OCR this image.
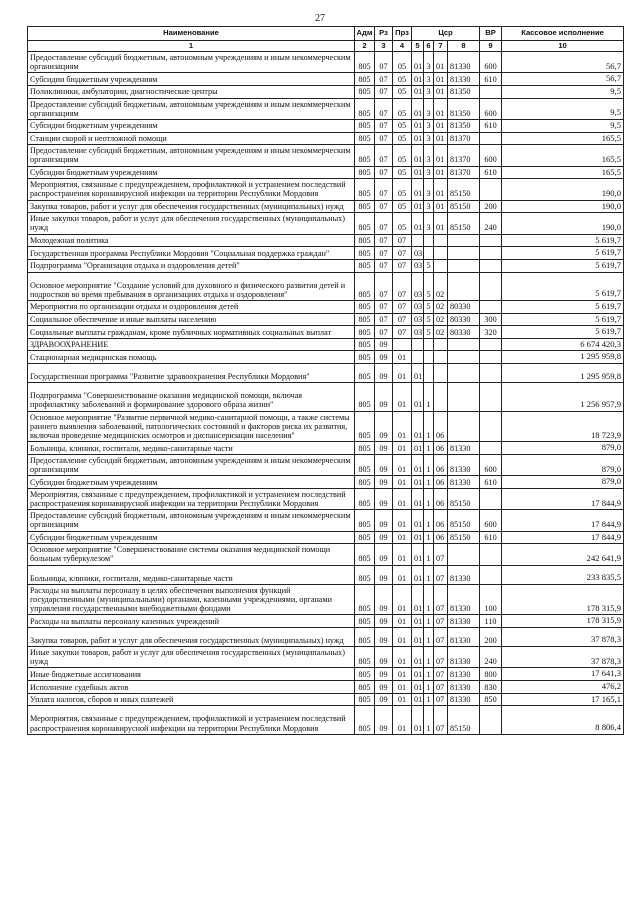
27
Наименование	Адм	Рз	Прз	Цср				ВР	Кассовое исполнение
1	2	3	4	5	6	7	8	9	10
Предоставление субсидий бюджетным, автономным учреждениям и иным некоммерческим организациям	805	07	05	01	3	01	81330	600	56,7
Субсидии бюджетным учреждениям	805	07	05	01	3	01	81330	610	56,7
Поликлиники, амбулатории, диагностические центры	805	07	05	01	3	01	81350		9,5
Предоставление субсидий бюджетным, автономным учреждениям и иным некоммерческим организациям	805	07	05	01	3	01	81350	600	9,5
Субсидии бюджетным учреждениям	805	07	05	01	3	01	81350	610	9,5
Станции скорой и неотложной помощи	805	07	05	01	3	01	81370		165,5
Предоставление субсидий бюджетным, автономным учреждениям и иным некоммерческим организациям	805	07	05	01	3	01	81370	600	165,5
Субсидии бюджетным учреждениям	805	07	05	01	3	01	81370	610	165,5
Мероприятия, связанные с предупреждением, профилактикой и устранением последствий распространения коронавирусной инфекции на территории Республики Мордовия	805	07	05	01	3	01	85150		190,0
Закупка товаров, работ и услуг для обеспечения государственных (муниципальных) нужд	805	07	05	01	3	01	85150	200	190,0
Иные закупки товаров, работ и услуг для обеспечения государственных (муниципальных) нужд	805	07	05	01	3	01	85150	240	190,0
Молодежная политика	805	07	07						5 619,7
Государственная программа Республики Мордовия "Социальная поддержка граждан"	805	07	07	03					5 619,7
Подпрограмма "Организация отдыха и оздоровления детей"	805	07	07	03	5				5 619,7
Основное мероприятие "Создание условий для духовного и физического развития детей и подростков во время пребывания в организациях отдыха и оздоровления"	805	07	07	03	5	02			5 619,7
Мероприятия по организации отдыха и оздоровления детей	805	07	07	03	5	02	80330		5 619,7
Социальное обеспечение и иные выплаты населению	805	07	07	03	5	02	80330	300	5 619,7
Социальные выплаты гражданам, кроме публичных нормативных социальных выплат	805	07	07	03	5	02	80330	320	5 619,7
ЗДРАВООХРАНЕНИЕ	805	09							6 674 420,3
Стационарная медицинская помощь	805	09	01						1 295 959,8
Государственная программа "Развитие здравоохранения Республики Мордовия"	805	09	01	01					1 295 959,8
Подпрограмма "Совершенствование оказания медицинской помощи, включая профилактику заболеваний и формирование здорового образа жизни"	805	09	01	01	1				1 256 957,9
Основное мероприятие "Развитие первичной медико-санитарной помощи, а также системы раннего выявления заболеваний, патологических состояний и факторов риска их развития, включая проведение медицинских осмотров и диспансеризации населения"	805	09	01	01	1	06			18 723,9
Больницы, клиники, госпитали, медико-санитарные части	805	09	01	01	1	06	81330		879,0
Предоставление субсидий бюджетным, автономным учреждениям и иным некоммерческим организациям	805	09	01	01	1	06	81330	600	879,0
Субсидии бюджетным учреждениям	805	09	01	01	1	06	81330	610	879,0
Мероприятия, связанные с предупреждением, профилактикой и устранением последствий распространения коронавирусной инфекции на территории Республики Мордовия	805	09	01	01	1	06	85150		17 844,9
Предоставление субсидий бюджетным, автономным учреждениям и иным некоммерческим организациям	805	09	01	01	1	06	85150	600	17 844,9
Субсидии бюджетным учреждениям	805	09	01	01	1	06	85150	610	17 844,9
Основное мероприятие "Совершенствование системы оказания медицинской помощи больным туберкулезом"	805	09	01	01	1	07			242 641,9
Больницы, клиники, госпитали, медико-санитарные части	805	09	01	01	1	07	81330		233 835,5
Расходы на выплаты персоналу в целях обеспечения выполнения функций государственными (муниципальными) органами, казенными учреждениями, органами управления государственными внебюджетными фондами	805	09	01	01	1	07	81330	100	178 315,9
Расходы на выплаты персоналу казенных учреждений	805	09	01	01	1	07	81330	110	178 315,9
Закупка товаров, работ и услуг для обеспечения государственных (муниципальных) нужд	805	09	01	01	1	07	81330	200	37 878,3
Иные закупки товаров, работ и услуг для обеспечения государственных (муниципальных) нужд	805	09	01	01	1	07	81330	240	37 878,3
Иные бюджетные ассигнования	805	09	01	01	1	07	81330	800	17 641,3
Исполнение судебных актов	805	09	01	01	1	07	81330	830	476,2
Уплата налогов, сборов и иных платежей	805	09	01	01	1	07	81330	850	17 165,1
Мероприятия, связанные с предупреждением, профилактикой и устранением последствий распространения коронавирусной инфекции на территории Республики Мордовия	805	09	01	01	1	07	85150		8 806,4
